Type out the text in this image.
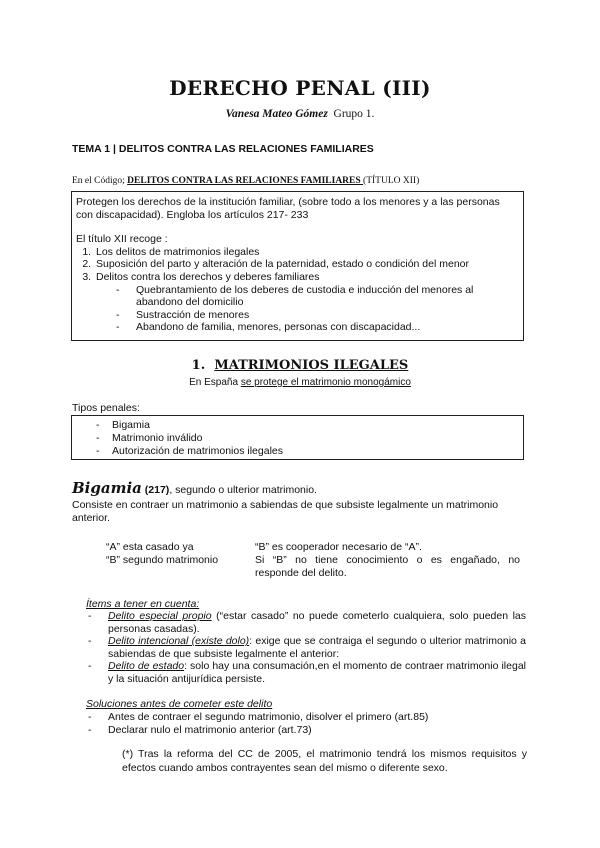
DERECHO PENAL (III)
Vanesa Mateo Gómez Grupo 1.
TEMA 1 | DELITOS CONTRA LAS RELACIONES FAMILIARES
En el Código; DELITOS CONTRA LAS RELACIONES FAMILIARES (TÍTULO XII)

Protegen los derechos de la institución familiar, (sobre todo a los menores y a las personas con discapacidad). Engloba los artículos 217- 233

El título XII recoge :

1. Los delitos de matrimonios ilegales
2. Suposición del parto y alteración de la paternidad, estado o condición del menor
3. Delitos contra los derechos y deberes familiares
- Quebrantamiento de los deberes de custodia e inducción del menores al abandono del domicilio
- Sustracción de menores
- Abandono de familia, menores, personas con discapacidad...
1. MATRIMONIOS ILEGALES
En España se protege el matrimonio monogámico
Tipos penales:
- Bigamia
- Matrimonio inválido
- Autorización de matrimonios ilegales
Bigamia (217), segundo o ulterior matrimonio.
Consiste en contraer un matrimonio a sabiendas de que subsiste legalmente un matrimonio anterior.
“A” esta casado ya
“B” segundo matrimonio
“B” es cooperador necesario de “A”.
Si “B” no tiene conocimiento o es engañado, no responde del delito.
Ítems a tener en cuenta:
- Delito especial propio (“estar casado” no puede cometerlo cualquiera, solo pueden las personas casadas).
- Delito intencional (existe dolo): exige que se contraiga el segundo o ulterior matrimonio a sabiendas de que subsiste legalmente el anterior:
- Delito de estado: solo hay una consumación,en el momento de contraer matrimonio ilegal y la situación antijurídica persiste.
Soluciones antes de cometer este delito
- Antes de contraer el segundo matrimonio, disolver el primero (art.85)
- Declarar nulo el matrimonio anterior (art.73)
(*) Tras la reforma del CC de 2005, el matrimonio tendrá los mismos requisitos y efectos cuando ambos contrayentes sean del mismo o diferente sexo.
